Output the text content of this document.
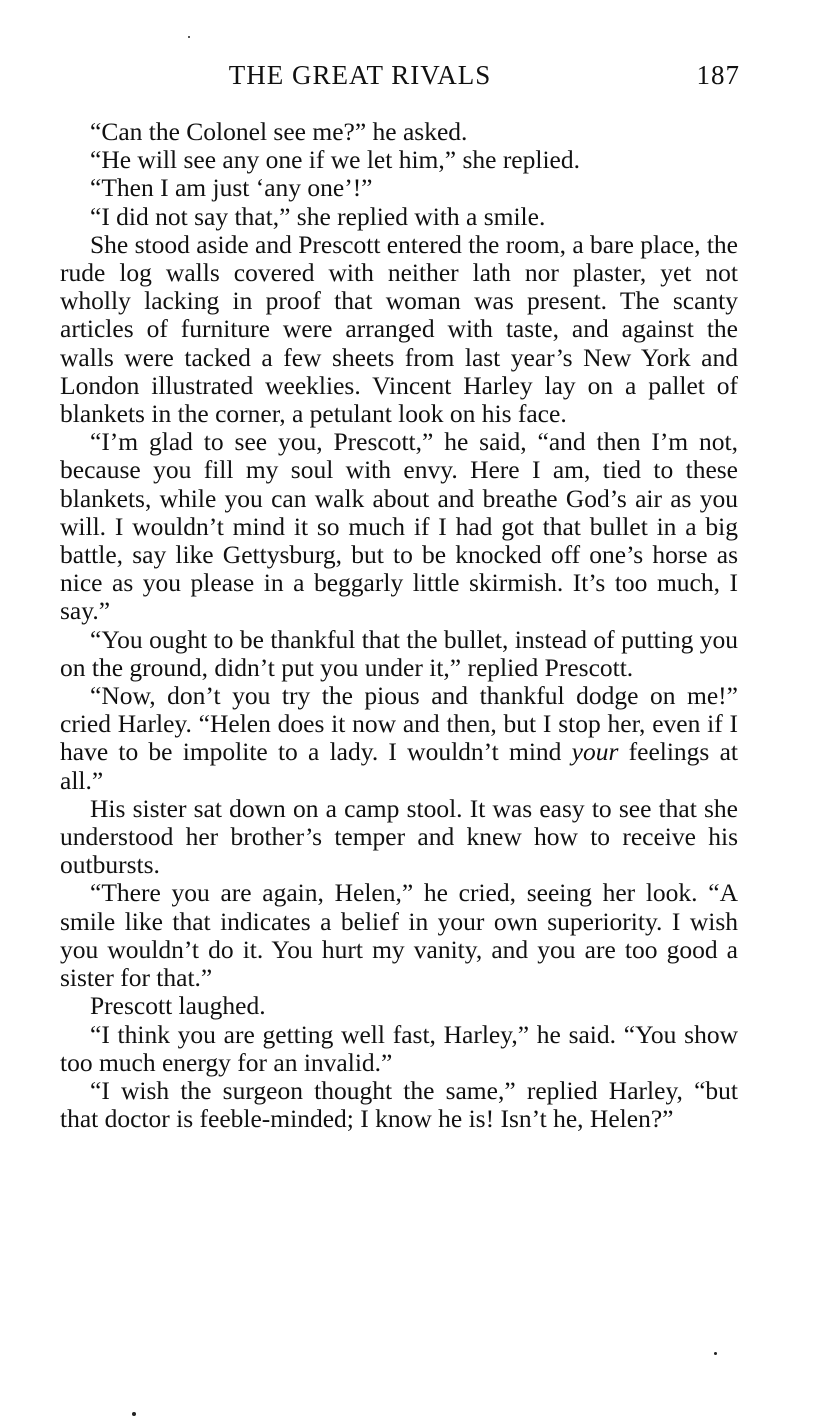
THE GREAT RIVALS	187

“Can the Colonel see me?” he asked.

“He will see any one if we let him,” she replied.

“Then I am just ‘any one’!”

“I did not say that,” she replied with a smile.

She stood aside and Prescott entered the room, a bare place, the rude log walls covered with neither lath nor plaster, yet not wholly lacking in proof that woman was present. The scanty articles of furniture were arranged with taste, and against the walls were tacked a few sheets from last year’s New York and London illustrated weeklies. Vincent Harley lay on a pallet of blankets in the corner, a petulant look on his face.

“I’m glad to see you, Prescott,” he said, “and then I’m not, because you fill my soul with envy. Here I am, tied to these blankets, while you can walk about and breathe God’s air as you will. I wouldn’t mind it so much if I had got that bullet in a big battle, say like Gettysburg, but to be knocked off one’s horse as nice as you please in a beggarly little skirmish. It’s too much, I say.”

“You ought to be thankful that the bullet, instead of putting you on the ground, didn’t put you under it,” replied Prescott.

“Now, don’t you try the pious and thankful dodge on me!” cried Harley. “Helen does it now and then, but I stop her, even if I have to be impolite to a lady. I wouldn’t mind your feelings at all.”

His sister sat down on a camp stool. It was easy to see that she understood her brother’s temper and knew how to receive his outbursts.

“There you are again, Helen,” he cried, seeing her look. “A smile like that indicates a belief in your own superiority. I wish you wouldn’t do it. You hurt my vanity, and you are too good a sister for that.”

Prescott laughed.

“I think you are getting well fast, Harley,” he said. “You show too much energy for an invalid.”

“I wish the surgeon thought the same,” replied Harley, “but that doctor is feeble-minded; I know he is! Isn’t he, Helen?”
